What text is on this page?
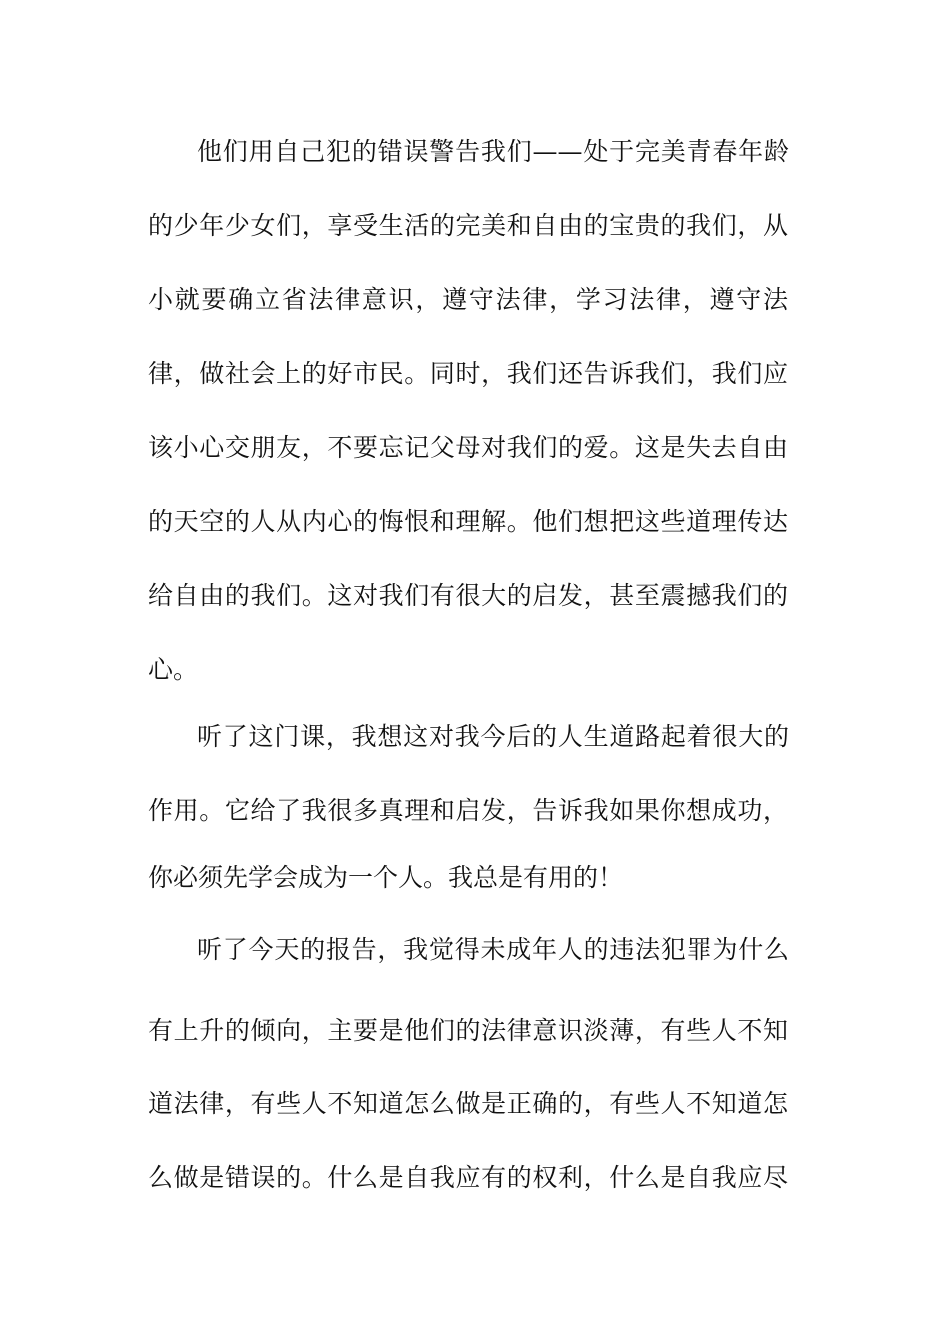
他们用自己犯的错误警告我们——处于完美青春年龄
的少年少女们，享受生活的完美和自由的宝贵的我们，从
小就要确立省法律意识，遵守法律，学习法律，遵守法
律，做社会上的好市民。同时，我们还告诉我们，我们应
该小心交朋友，不要忘记父母对我们的爱。这是失去自由
的天空的人从内心的悔恨和理解。他们想把这些道理传达
给自由的我们。这对我们有很大的启发，甚至震撼我们的
心。
听了这门课，我想这对我今后的人生道路起着很大的
作用。它给了我很多真理和启发，告诉我如果你想成功，
你必须先学会成为一个人。我总是有用的！
听了今天的报告，我觉得未成年人的违法犯罪为什么
有上升的倾向，主要是他们的法律意识淡薄，有些人不知
道法律，有些人不知道怎么做是正确的，有些人不知道怎
么做是错误的。什么是自我应有的权利，什么是自我应尽
